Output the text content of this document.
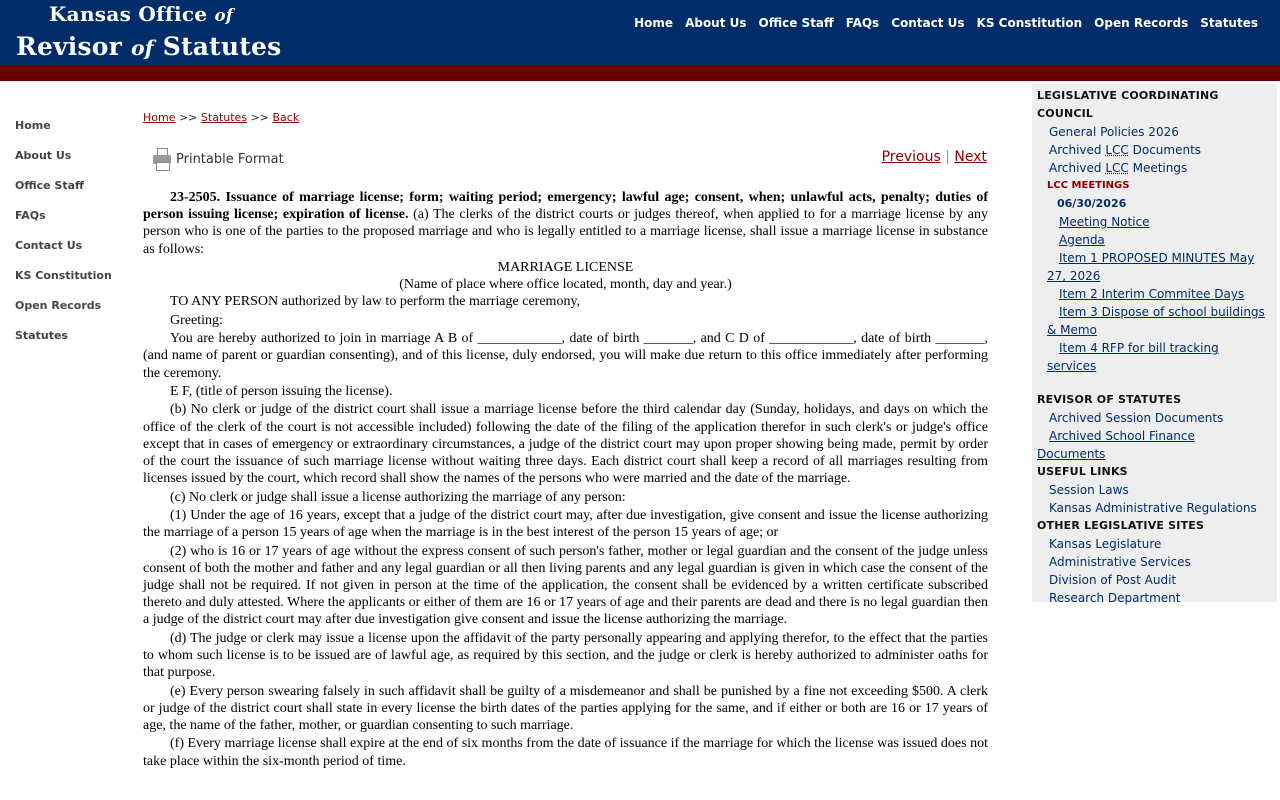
Kansas Office of
Revisor of Statutes
Home About Us Office Staff FAQs Contact Us KS Constitution Open Records Statutes
Home
About Us
Office Staff
FAQs
Contact Us
KS Constitution
Open Records
Statutes
Home >> Statutes >> Back
Printable Format	Previous | Next

23-2505. Issuance of marriage license; form; waiting period; emergency; lawful age; consent, when; unlawful acts, penalty; duties of person issuing license; expiration of license. (a) The clerks of the district courts or judges thereof, when applied to for a marriage license by any person who is one of the parties to the proposed marriage and who is legally entitled to a marriage license, shall issue a marriage license in substance as follows:

MARRIAGE LICENSE

(Name of place where office located, month, day and year.)

TO ANY PERSON authorized by law to perform the marriage ceremony,

Greeting:

You are hereby authorized to join in marriage A B of ____________, date of birth _______, and C D of ____________, date of birth _______, (and name of parent or guardian consenting), and of this license, duly endorsed, you will make due return to this office immediately after performing the ceremony.

E F, (title of person issuing the license).

(b) No clerk or judge of the district court shall issue a marriage license before the third calendar day (Sunday, holidays, and days on which the office of the clerk of the court is not accessible included) following the date of the filing of the application therefor in such clerk's or judge's office except that in cases of emergency or extraordinary circumstances, a judge of the district court may upon proper showing being made, permit by order of the court the issuance of such marriage license without waiting three days. Each district court shall keep a record of all marriages resulting from licenses issued by the court, which record shall show the names of the persons who were married and the date of the marriage.

(c) No clerk or judge shall issue a license authorizing the marriage of any person:

(1) Under the age of 16 years, except that a judge of the district court may, after due investigation, give consent and issue the license authorizing the marriage of a person 15 years of age when the marriage is in the best interest of the person 15 years of age; or

(2) who is 16 or 17 years of age without the express consent of such person's father, mother or legal guardian and the consent of the judge unless consent of both the mother and father and any legal guardian or all then living parents and any legal guardian is given in which case the consent of the judge shall not be required. If not given in person at the time of the application, the consent shall be evidenced by a written certificate subscribed thereto and duly attested. Where the applicants or either of them are 16 or 17 years of age and their parents are dead and there is no legal guardian then a judge of the district court may after due investigation give consent and issue the license authorizing the marriage.

(d) The judge or clerk may issue a license upon the affidavit of the party personally appearing and applying therefor, to the effect that the parties to whom such license is to be issued are of lawful age, as required by this section, and the judge or clerk is hereby authorized to administer oaths for that purpose.

(e) Every person swearing falsely in such affidavit shall be guilty of a misdemeanor and shall be punished by a fine not exceeding $500. A clerk or judge of the district court shall state in every license the birth dates of the parties applying for the same, and if either or both are 16 or 17 years of age, the name of the father, mother, or guardian consenting to such marriage.

(f) Every marriage license shall expire at the end of six months from the date of issuance if the marriage for which the license was issued does not take place within the six-month period of time.

LEGISLATIVE COORDINATING COUNCIL
General Policies 2026
Archived LCC Documents
Archived LCC Meetings
LCC MEETINGS
06/30/2026
Meeting Notice
Agenda
Item 1 PROPOSED MINUTES May 27, 2026
Item 2 Interim Commitee Days
Item 3 Dispose of school buildings & Memo
Item 4 RFP for bill tracking services
REVISOR OF STATUTES
Archived Session Documents
Archived School Finance Documents
USEFUL LINKS
Session Laws
Kansas Administrative Regulations
OTHER LEGISLATIVE SITES
Kansas Legislature
Administrative Services
Division of Post Audit
Research Department
